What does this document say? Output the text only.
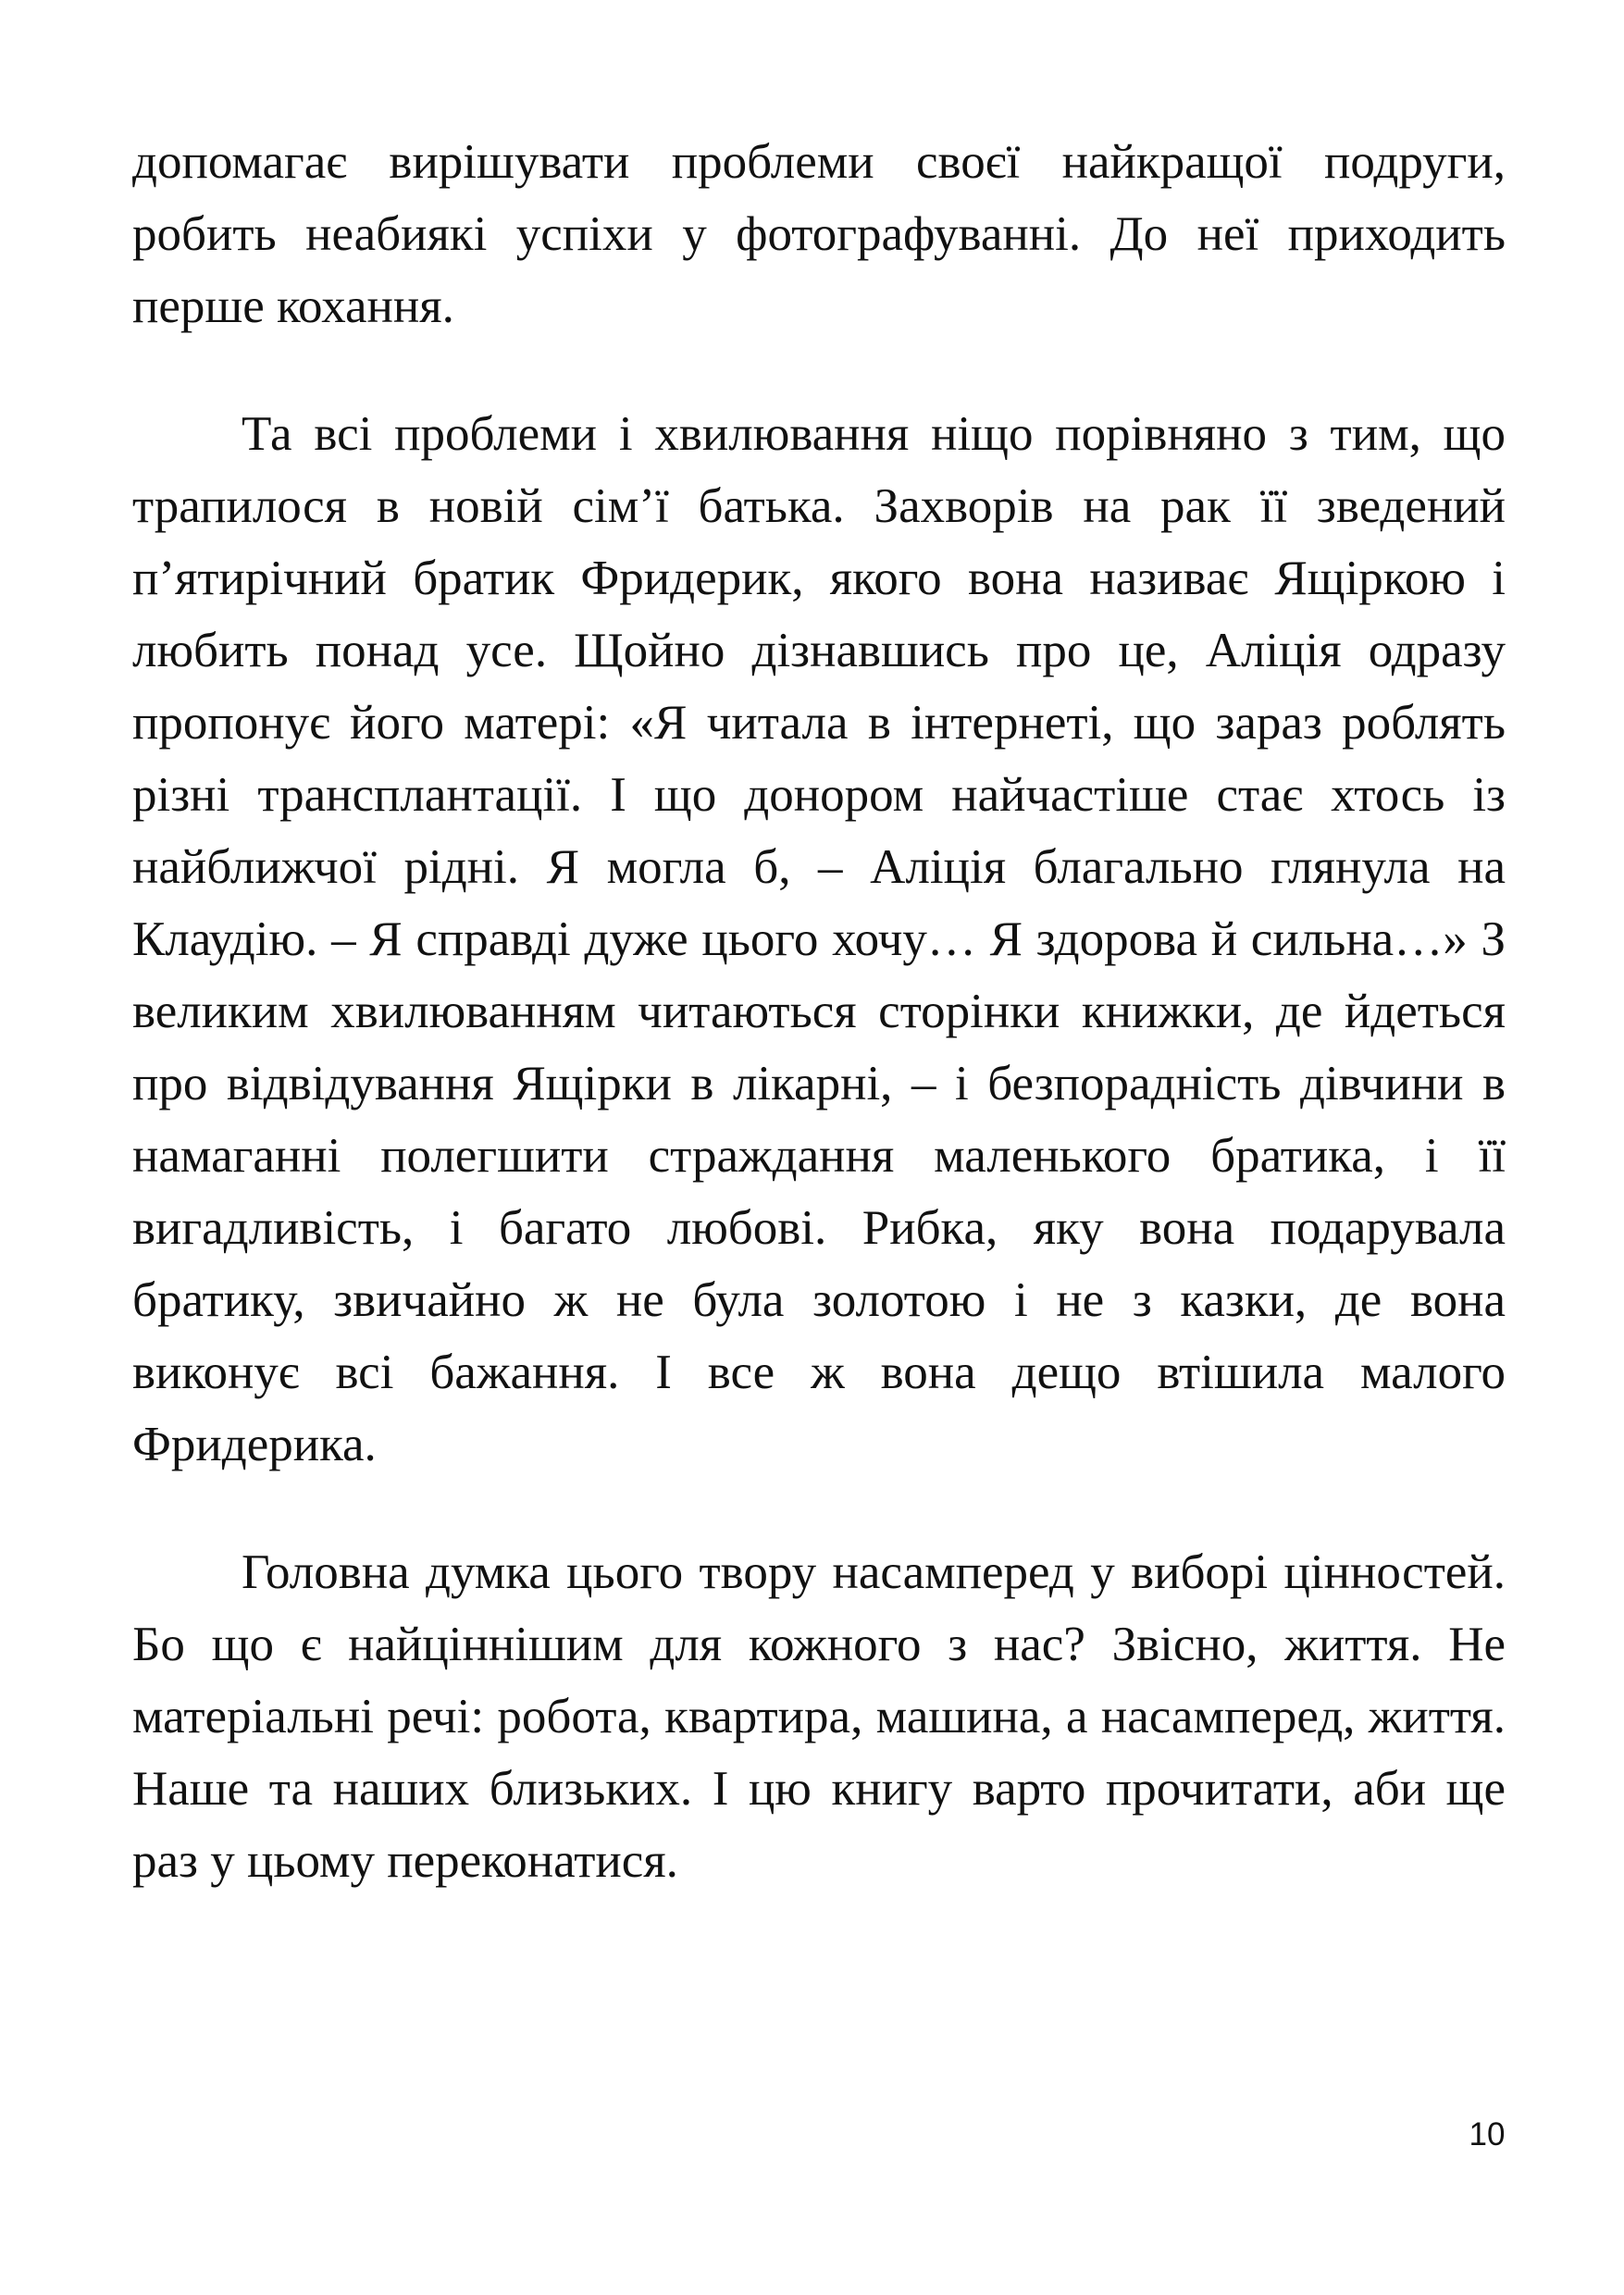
допомагає вирішувати проблеми своєї найкращої подруги, робить неабиякі успіхи у фотографуванні. До неї приходить перше кохання.

Та всі проблеми і хвилювання ніщо порівняно з тим, що трапилося в новій сім’ї батька. Захворів на рак її зведений п’ятирічний братик Фридерик, якого вона називає Ящіркою і любить понад усе. Щойно дізнавшись про це, Аліція одразу пропонує його матері: «Я читала в інтернеті, що зараз роблять різні трансплантації. І що донором найчастіше стає хтось із найближчої рідні. Я могла б, – Аліція благально глянула на Клаудію. – Я справді дуже цього хочу… Я здорова й сильна…» З великим хвилюванням читаються сторінки книжки, де йдеться про відвідування Ящірки в лікарні, – і безпорадність дівчини в намаганні полегшити страждання маленького братика, і її вигадливість, і багато любові. Рибка, яку вона подарувала братику, звичайно ж не була золотою і не з казки, де вона виконує всі бажання. І все ж вона дещо втішила малого Фридерика.

Головна думка цього твору насамперед у виборі цінностей. Бо що є найціннішим для кожного з нас? Звісно, життя. Не матеріальні речі: робота, квартира, машина, а насамперед, життя. Наше та наших близьких. І цю книгу варто прочитати, аби ще раз у цьому переконатися.

10
